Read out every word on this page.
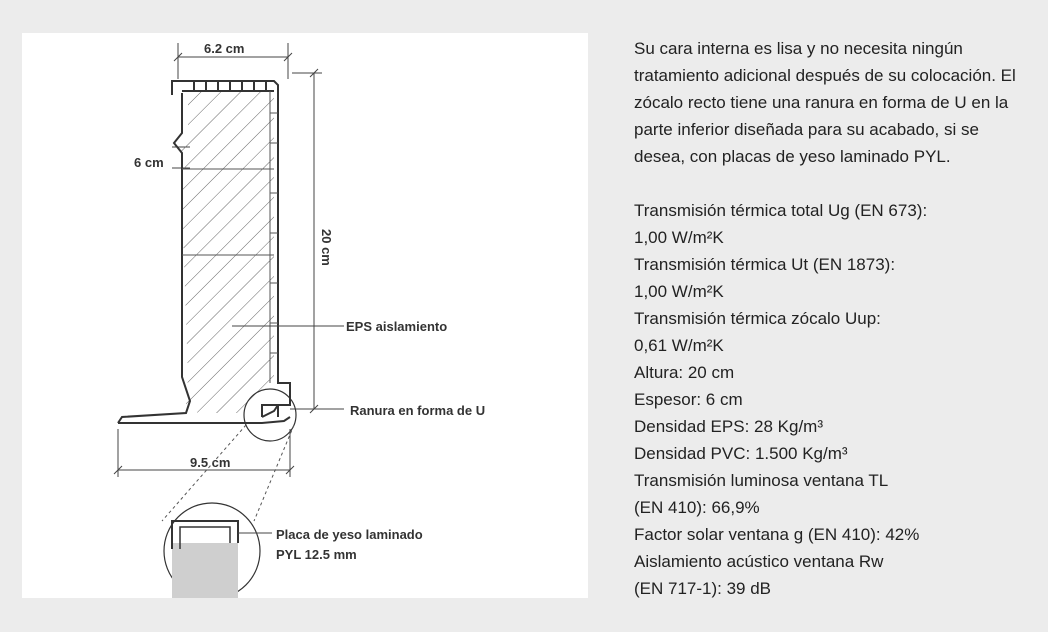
6.2 cm
6 cm
20 cm
EPS aislamiento
Ranura en forma de U
9.5 cm
Placa de yeso laminado
PYL 12.5 mm

Su cara interna es lisa y no necesita ningún tratamiento adicional después de su colocación. El zócalo recto tiene una ranura en forma de U en la parte inferior diseñada para su acabado, si se desea, con placas de yeso laminado PYL.

Transmisión térmica total Ug (EN 673):

1,00 W/m²K

Transmisión térmica Ut (EN 1873):

1,00 W/m²K

Transmisión térmica zócalo Uup:

0,61 W/m²K

Altura: 20 cm

Espesor: 6 cm

Densidad EPS: 28 Kg/m³

Densidad PVC: 1.500 Kg/m³

Transmisión luminosa ventana TL

(EN 410): 66,9%

Factor solar ventana g (EN 410): 42%

Aislamiento acústico ventana Rw

(EN 717-1): 39 dB
